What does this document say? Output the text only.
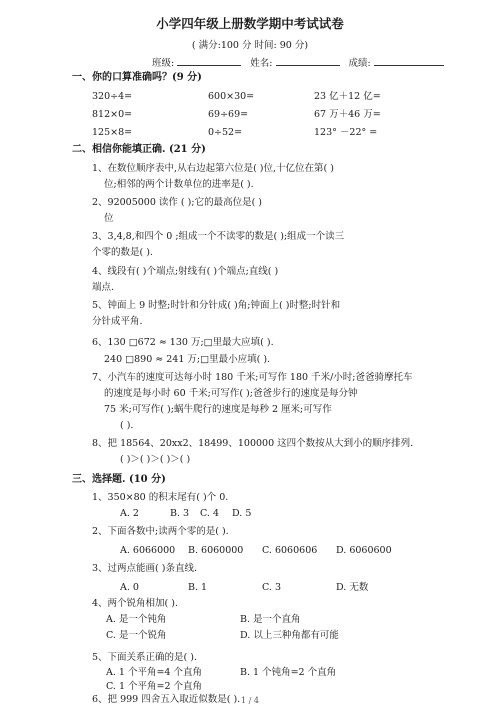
小学四年级上册数学期中考试试卷
( 满分:100 分 时间: 90 分)
班级:	姓名:	成绩:
一、你的口算准确吗？(9 分)
320÷4=	600×30=	23 亿＋12 亿=
812×0=	69÷69=	67 万＋46 万=
125×8=	0÷52=	123° －22° =
二、相信你能填正确. (21 分)
1、在数位顺序表中,从右边起第六位是( )位,十亿位在第( )
位;相邻的两个计数单位的进率是( ).
2、92005000 读作 ( );它的最高位是( )
位
3、3,4,8,和四个 0 ;组成一个不读零的数是( );组成一个读三
个零的数是( ).
4、线段有( )个端点;射线有( )个端点;直线( )
端点.
5、钟面上 9 时整;时针和分针成( )角;钟面上( )时整;时针和
分针成平角.
6、130 □672 ≈ 130 万;□里最大应填( ).
240 □890 ≈ 241 万;□里最小应填( ).
7、小汽车的速度可达每小时 180 千米;可写作 180 千米/小时;爸爸骑摩托车
的速度是每小时 60 千米;可写作( );爸爸步行的速度是每分钟
75 米;可写作( );蜗牛爬行的速度是每秒 2 厘米;可写作
( ).
8、把 18564、20xx2、18499、100000 这四个数按从大到小的顺序排列.
( )＞( )＞( )＞( )
三、选择题. (10 分)
1、350×80 的积末尾有( )个 0.
A. 2	B. 3 C. 4 D. 5
2、下面各数中;读两个零的是( ).
A. 6066000 B. 6060000 C. 6060606 D. 6060600
3、过两点能画( )条直线.
A. 0	B. 1	C. 3	D. 无数
4、两个锐角相加( ).
A. 是一个钝角	B. 是一个直角
C. 是一个锐角	D. 以上三种角都有可能
5、下面关系正确的是( ).
A. 1 个平角=4 个直角	B. 1 个钝角=2 个直角
C. 1 个平角=2 个直角
6、把 999 四舍五入取近似数是( ). 1 / 4
